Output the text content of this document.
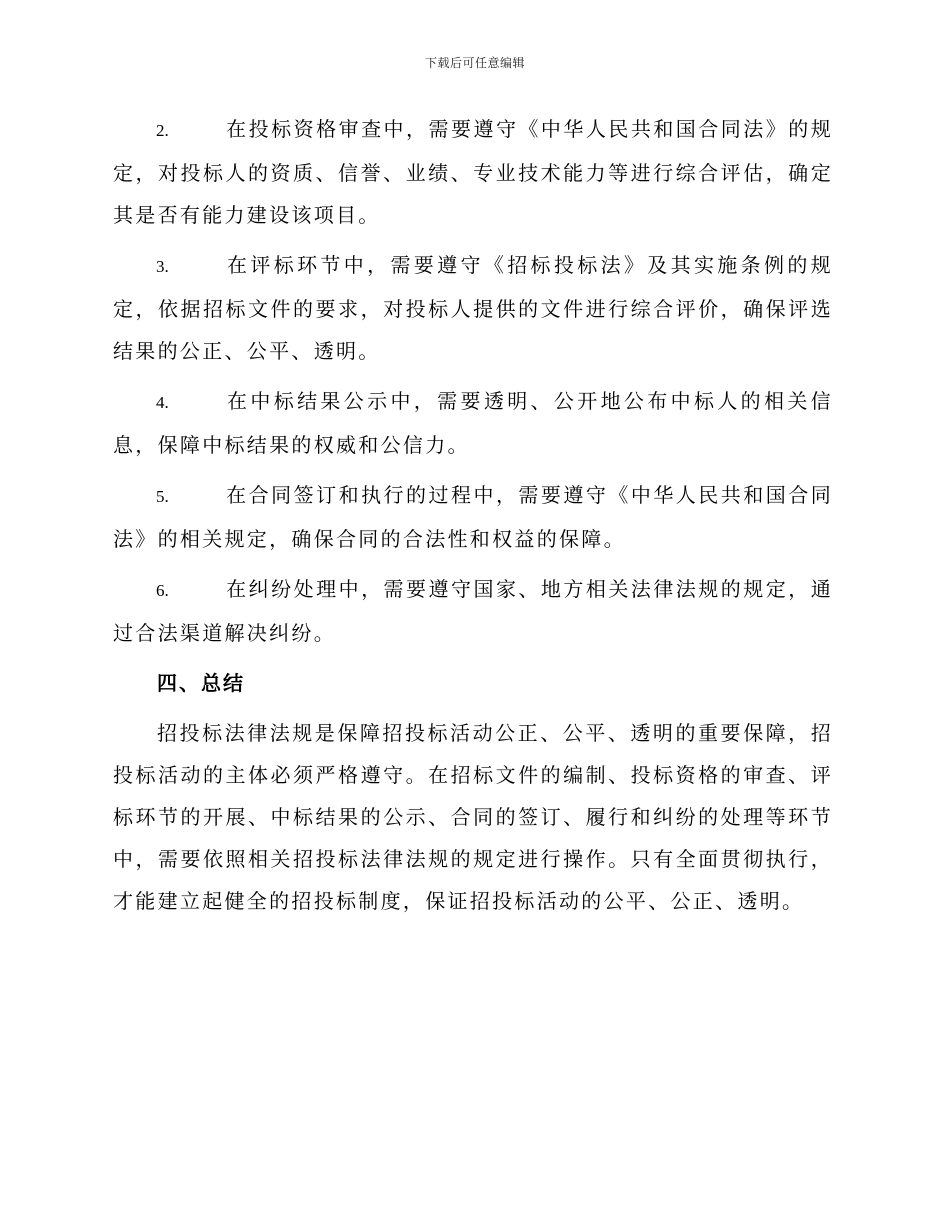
下载后可任意编辑

2.	在投标资格审查中，需要遵守《中华人民共和国合同法》的规定，对投标人的资质、信誉、业绩、专业技术能力等进行综合评估，确定其是否有能力建设该项目。

3.	在评标环节中，需要遵守《招标投标法》及其实施条例的规定，依据招标文件的要求，对投标人提供的文件进行综合评价，确保评选结果的公正、公平、透明。

4.	在中标结果公示中，需要透明、公开地公布中标人的相关信息，保障中标结果的权威和公信力。

5.	在合同签订和执行的过程中，需要遵守《中华人民共和国合同法》的相关规定，确保合同的合法性和权益的保障。

6.	在纠纷处理中，需要遵守国家、地方相关法律法规的规定，通过合法渠道解决纠纷。

四、总结

招投标法律法规是保障招投标活动公正、公平、透明的重要保障，招投标活动的主体必须严格遵守。在招标文件的编制、投标资格的审查、评标环节的开展、中标结果的公示、合同的签订、履行和纠纷的处理等环节中，需要依照相关招投标法律法规的规定进行操作。只有全面贯彻执行，才能建立起健全的招投标制度，保证招投标活动的公平、公正、透明。
